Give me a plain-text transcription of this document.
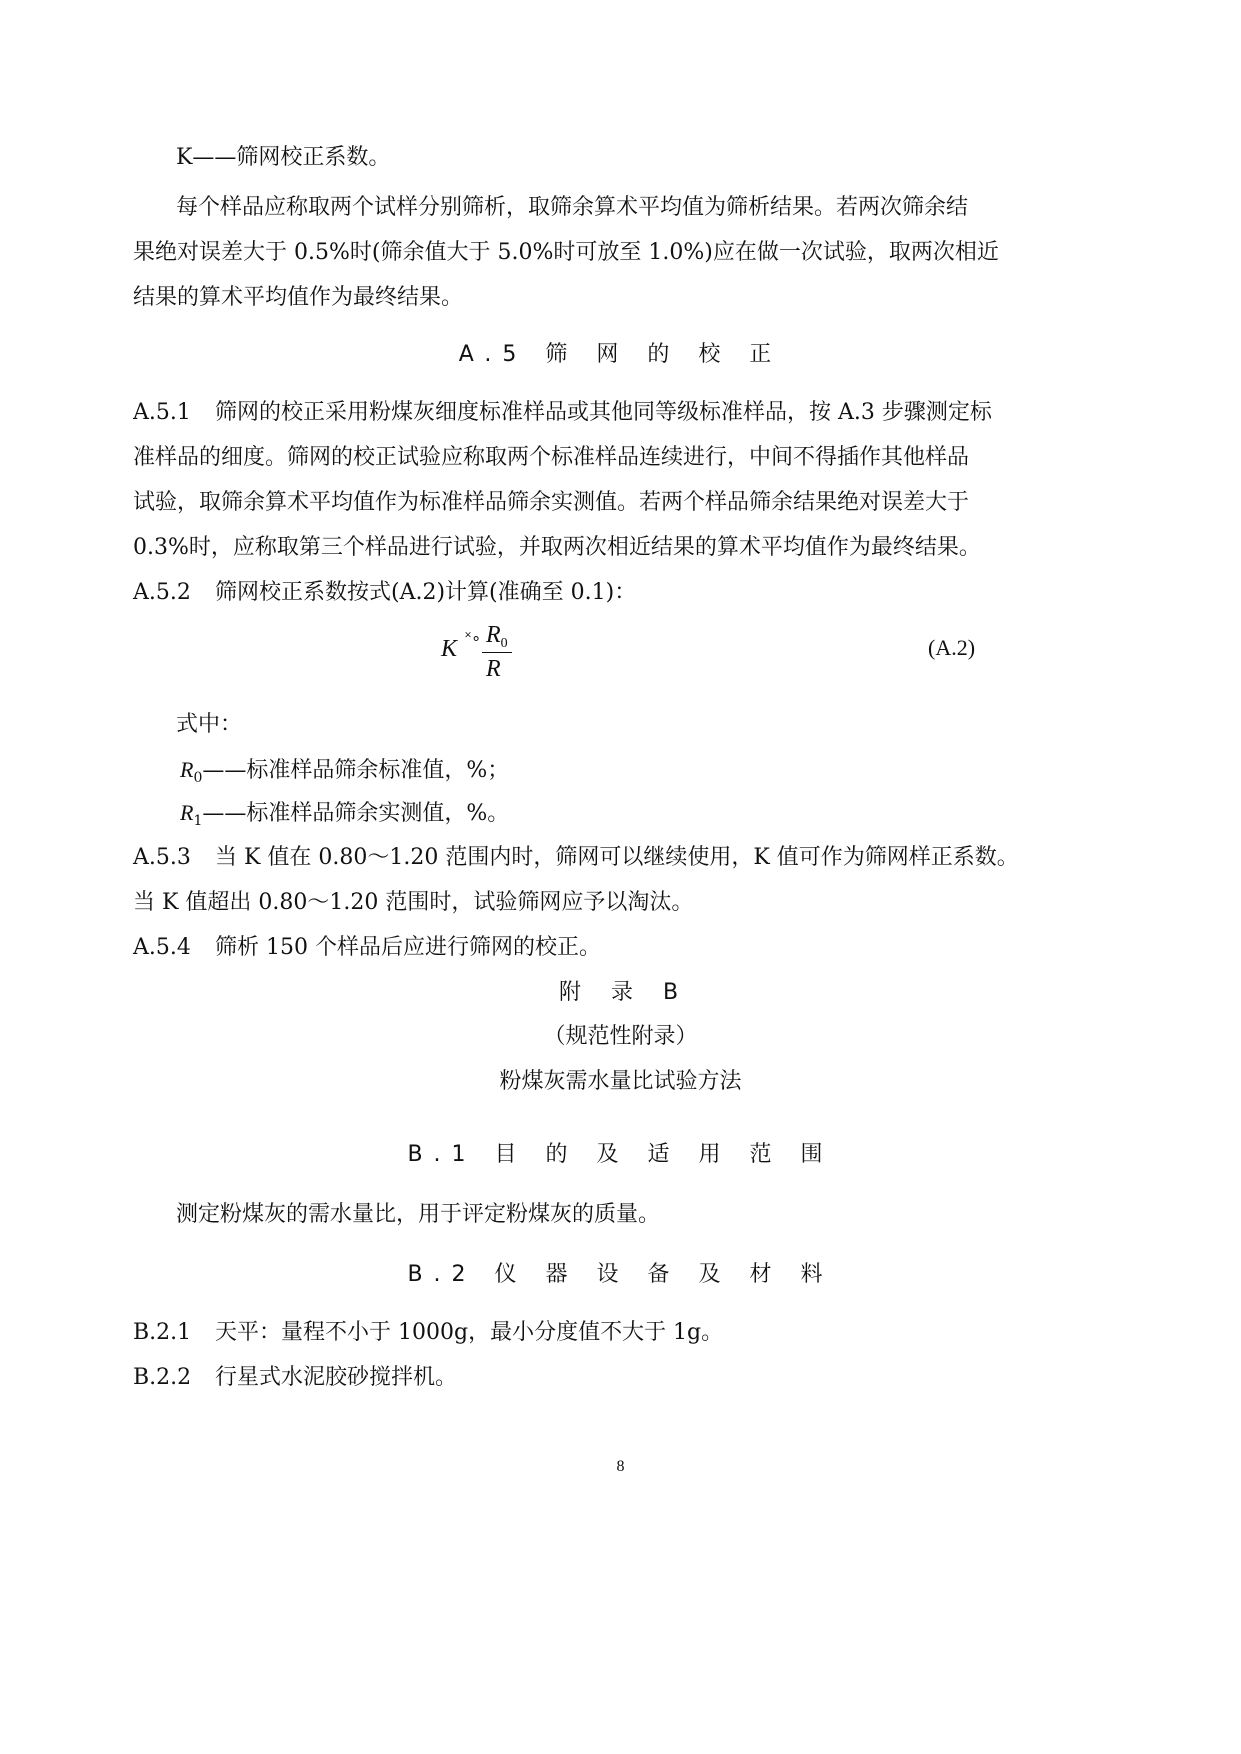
K——筛网校正系数。
每个样品应称取两个试样分别筛析，取筛余算术平均值为筛析结果。若两次筛余结
果绝对误差大于 0.5%时(筛余值大于 5.0%时可放至 1.0%)应在做一次试验，取两次相近
结果的算术平均值作为最终结果。
A.5 筛 网 的 校 正
A.5.1 筛网的校正采用粉煤灰细度标准样品或其他同等级标准样品，按 A.3 步骤测定标
准样品的细度。筛网的校正试验应称取两个标准样品连续进行，中间不得插作其他样品
试验，取筛余算术平均值作为标准样品筛余实测值。若两个样品筛余结果绝对误差大于
0.3%时，应称取第三个样品进行试验，并取两次相近结果的算术平均值作为最终结果。
A.5.2 筛网校正系数按式(A.2)计算(准确至 0.1)：
K ˟∘ $R_0$
R
(A.2)
式中：
$R_0——$标准样品筛余标准值，%；
$R_1——$标准样品筛余实测值，%。
A.5.3 当 K 值在 0.80～1.20 范围内时，筛网可以继续使用，K 值可作为筛网样正系数。
当 K 值超出 0.80～1.20 范围时，试验筛网应予以淘汰。
A.5.4 筛析 150 个样品后应进行筛网的校正。
附　录　B
（规范性附录）
粉煤灰需水量比试验方法
B.1 目 的 及 适 用 范 围
测定粉煤灰的需水量比，用于评定粉煤灰的质量。
B.2 仪 器 设 备 及 材 料
B.2.1 天平：量程不小于 1000g，最小分度值不大于 1g。
B.2.2 行星式水泥胶砂搅拌机。
8
